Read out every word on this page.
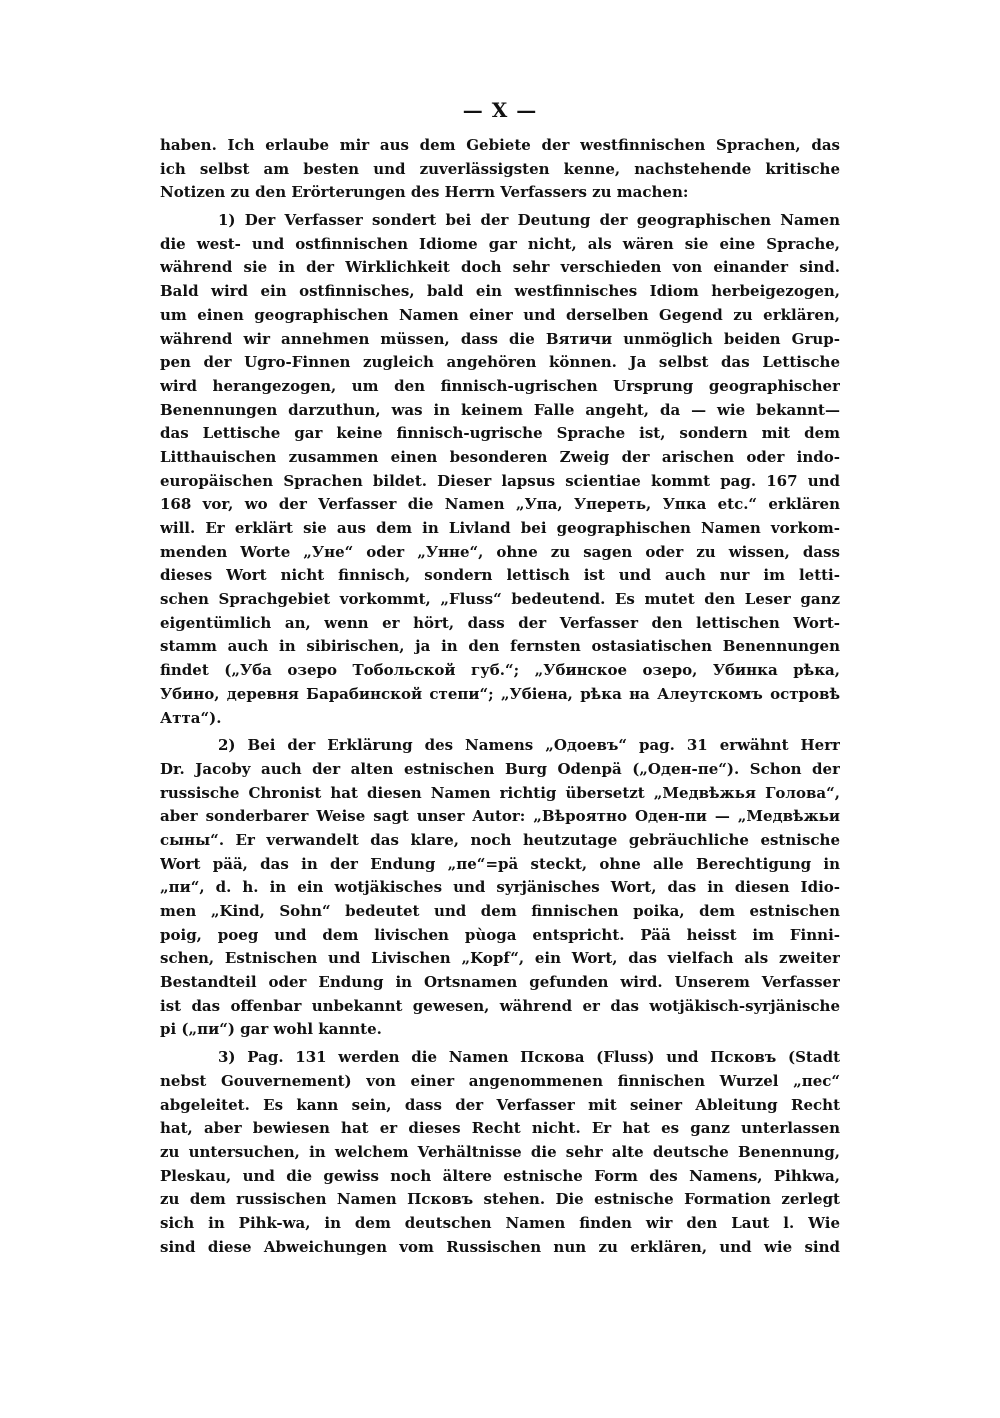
— X —
haben. Ich erlaube mir aus dem Gebiete der westfinnischen Sprachen, das
ich selbst am besten und zuverlässigsten kenne, nachstehende kritische
Notizen zu den Erörterungen des Herrn Verfassers zu machen:
1) Der Verfasser sondert bei der Deutung der geographischen Namen
die west- und ostfinnischen Idiome gar nicht, als wären sie eine Sprache,
während sie in der Wirklichkeit doch sehr verschieden von einander sind.
Bald wird ein ostfinnisches, bald ein westfinnisches Idiom herbeigezogen,
um einen geographischen Namen einer und derselben Gegend zu erklären,
während wir annehmen müssen, dass die Вятичи unmöglich beiden Grup-
pen der Ugro-Finnen zugleich angehören können. Ja selbst das Lettische
wird herangezogen, um den finnisch-ugrischen Ursprung geographischer
Benennungen darzuthun, was in keinem Falle angeht, da — wie bekannt—
das Lettische gar keine finnisch-ugrische Sprache ist, sondern mit dem
Litthauischen zusammen einen besonderen Zweig der arischen oder indo-
europäischen Sprachen bildet. Dieser lapsus scientiae kommt pag. 167 und
168 vor, wo der Verfasser die Namen „Упа, Упереть, Упка etc.“ erklären
will. Er erklärt sie aus dem in Livland bei geographischen Namen vorkom-
menden Worte „Уне“ oder „Унне“, ohne zu sagen oder zu wissen, dass
dieses Wort nicht finnisch, sondern lettisch ist und auch nur im letti-
schen Sprachgebiet vorkommt, „Fluss“ bedeutend. Es mutet den Leser ganz
eigentümlich an, wenn er hört, dass der Verfasser den lettischen Wort-
stamm auch in sibirischen, ja in den fernsten ostasiatischen Benennungen
findet („Уба озеро Тобольской губ.“; „Убинское озеро, Убинка рѣка,
Убино, деревня Барабинской степи“; „Убiена, рѣка на Алеутскомъ островѣ
Атта“).
2) Bei der Erklärung des Namens „Одоевъ“ pag. 31 erwähnt Herr
Dr. Jacoby auch der alten estnischen Burg Odenpä („Оден-пе“). Schon der
russische Chronist hat diesen Namen richtig übersetzt „Медвѣжья Голова“,
aber sonderbarer Weise sagt unser Autor: „Вѣроятно Оден-пи — „Медвѣжьи
сыны“. Er verwandelt das klare, noch heutzutage gebräuchliche estnische
Wort pää, das in der Endung „пе“=pä steckt, ohne alle Berechtigung in
„пи“, d. h. in ein wotjäkisches und syrjänisches Wort, das in diesen Idio-
men „Kind, Sohn“ bedeutet und dem finnischen poika, dem estnischen
poig, poeg und dem livischen pùoga entspricht. Pää heisst im Finni-
schen, Estnischen und Livischen „Kopf“, ein Wort, das vielfach als zweiter
Bestandteil oder Endung in Ortsnamen gefunden wird. Unserem Verfasser
ist das offenbar unbekannt gewesen, während er das wotjäkisch-syrjänische
pi („пи“) gar wohl kannte.
3) Pag. 131 werden die Namen Псковa (Fluss) und Псковъ (Stadt
nebst Gouvernement) von einer angenommenen finnischen Wurzel „пес“
abgeleitet. Es kann sein, dass der Verfasser mit seiner Ableitung Recht
hat, aber bewiesen hat er dieses Recht nicht. Er hat es ganz unterlassen
zu untersuchen, in welchem Verhältnisse die sehr alte deutsche Benennung,
Pleskau, und die gewiss noch ältere estnische Form des Namens, Pihkwa,
zu dem russischen Namen Псковъ stehen. Die estnische Formation zerlegt
sich in Pihk-wa, in dem deutschen Namen finden wir den Laut l. Wie
sind diese Abweichungen vom Russischen nun zu erklären, und wie sind
